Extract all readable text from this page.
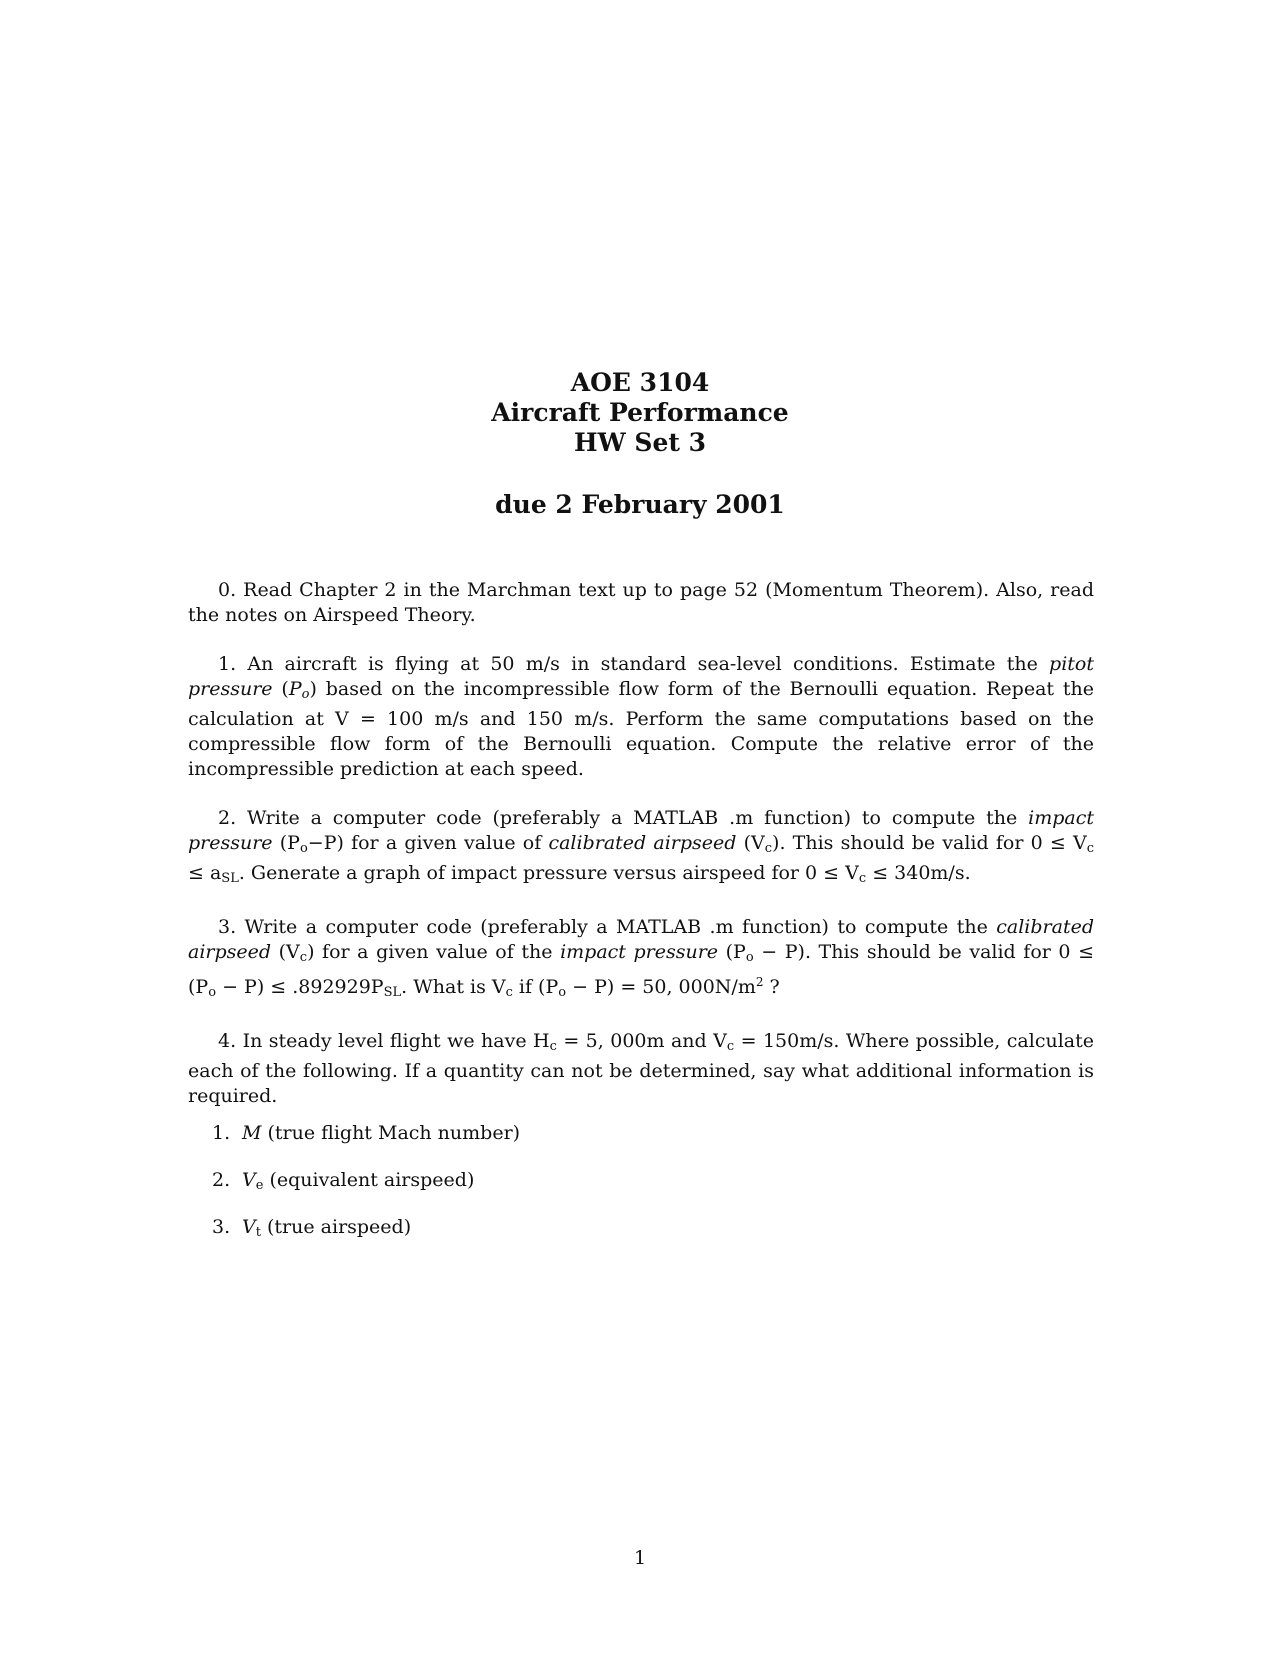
AOE 3104
Aircraft Performance
HW Set 3
due 2 February 2001

0. Read Chapter 2 in the Marchman text up to page 52 (Momentum Theorem). Also, read the notes on Airspeed Theory.

1. An aircraft is flying at 50 m/s in standard sea-level conditions. Estimate the pitot pressure $(P_o)$ based on the incompressible flow form of the Bernoulli equation. Repeat the calculation at V = 100 m/s and 150 m/s. Perform the same computations based on the compressible flow form of the Bernoulli equation. Compute the relative error of the incompressible prediction at each speed.

2. Write a computer code (preferably a MATLAB .m function) to compute the impact pressure $(P_o-P)$ for a given value of calibrated airpseed $(V_c)$. This should be valid for $0 \le V_c \le a_{SL}$. Generate a graph of impact pressure versus airspeed for $0 \le V_c \le 340m/s$.

3. Write a computer code (preferably a MATLAB .m function) to compute the calibrated airpseed $(V_c)$ for a given value of the impact pressure $(P_o - P)$. This should be valid for $0 \le (P_o - P) \le .892929P_{SL}$. What is $V_c$ if $(P_o - P) = 50$, $000N/m^2$ ?

4. In steady level flight we have $H_c = 5$, 000m and $V_c = 150m/s$. Where possible, calculate each of the following. If a quantity can not be determined, say what additional information is required.

1. M (true flight Mach number)
2. $V_e$ (equivalent airspeed)
3. $V_t$ (true airspeed)
1
